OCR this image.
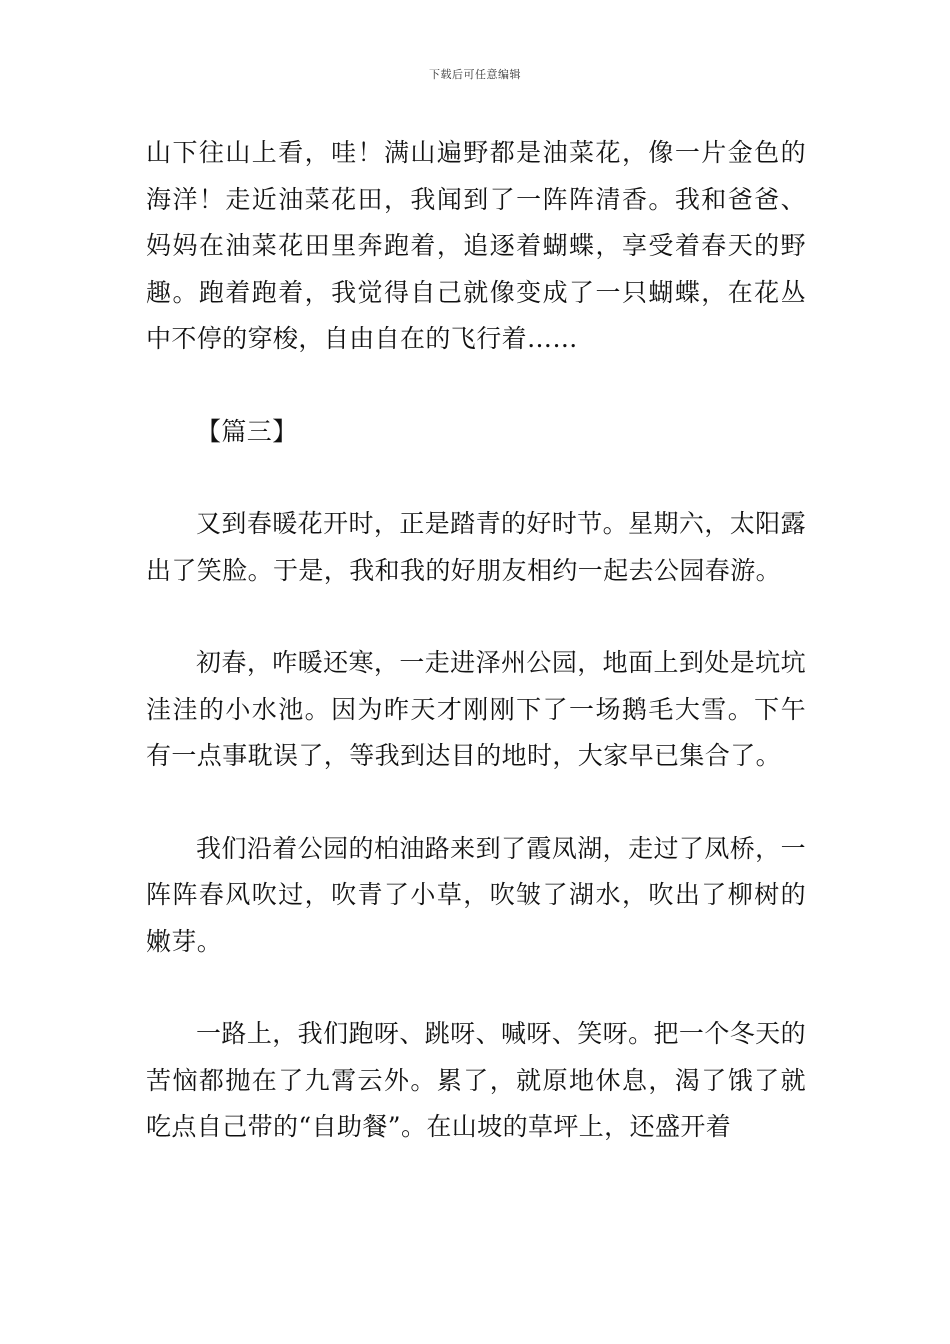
下载后可任意编辑

山下往山上看，哇！满山遍野都是油菜花，像一片金色的海洋！走近油菜花田，我闻到了一阵阵清香。我和爸爸、妈妈在油菜花田里奔跑着，追逐着蝴蝶，享受着春天的野趣。跑着跑着，我觉得自己就像变成了一只蝴蝶，在花丛中不停的穿梭，自由自在的飞行着……

【篇三】

又到春暖花开时，正是踏青的好时节。星期六，太阳露出了笑脸。于是，我和我的好朋友相约一起去公园春游。

初春，咋暖还寒，一走进泽州公园，地面上到处是坑坑洼洼的小水池。因为昨天才刚刚下了一场鹅毛大雪。下午有一点事耽误了，等我到达目的地时，大家早已集合了。

我们沿着公园的柏油路来到了霞凤湖，走过了凤桥，一阵阵春风吹过，吹青了小草，吹皱了湖水，吹出了柳树的嫩芽。

一路上，我们跑呀、跳呀、喊呀、笑呀。把一个冬天的苦恼都抛在了九霄云外。累了，就原地休息，渴了饿了就吃点自己带的“自助餐”。在山坡的草坪上，还盛开着
